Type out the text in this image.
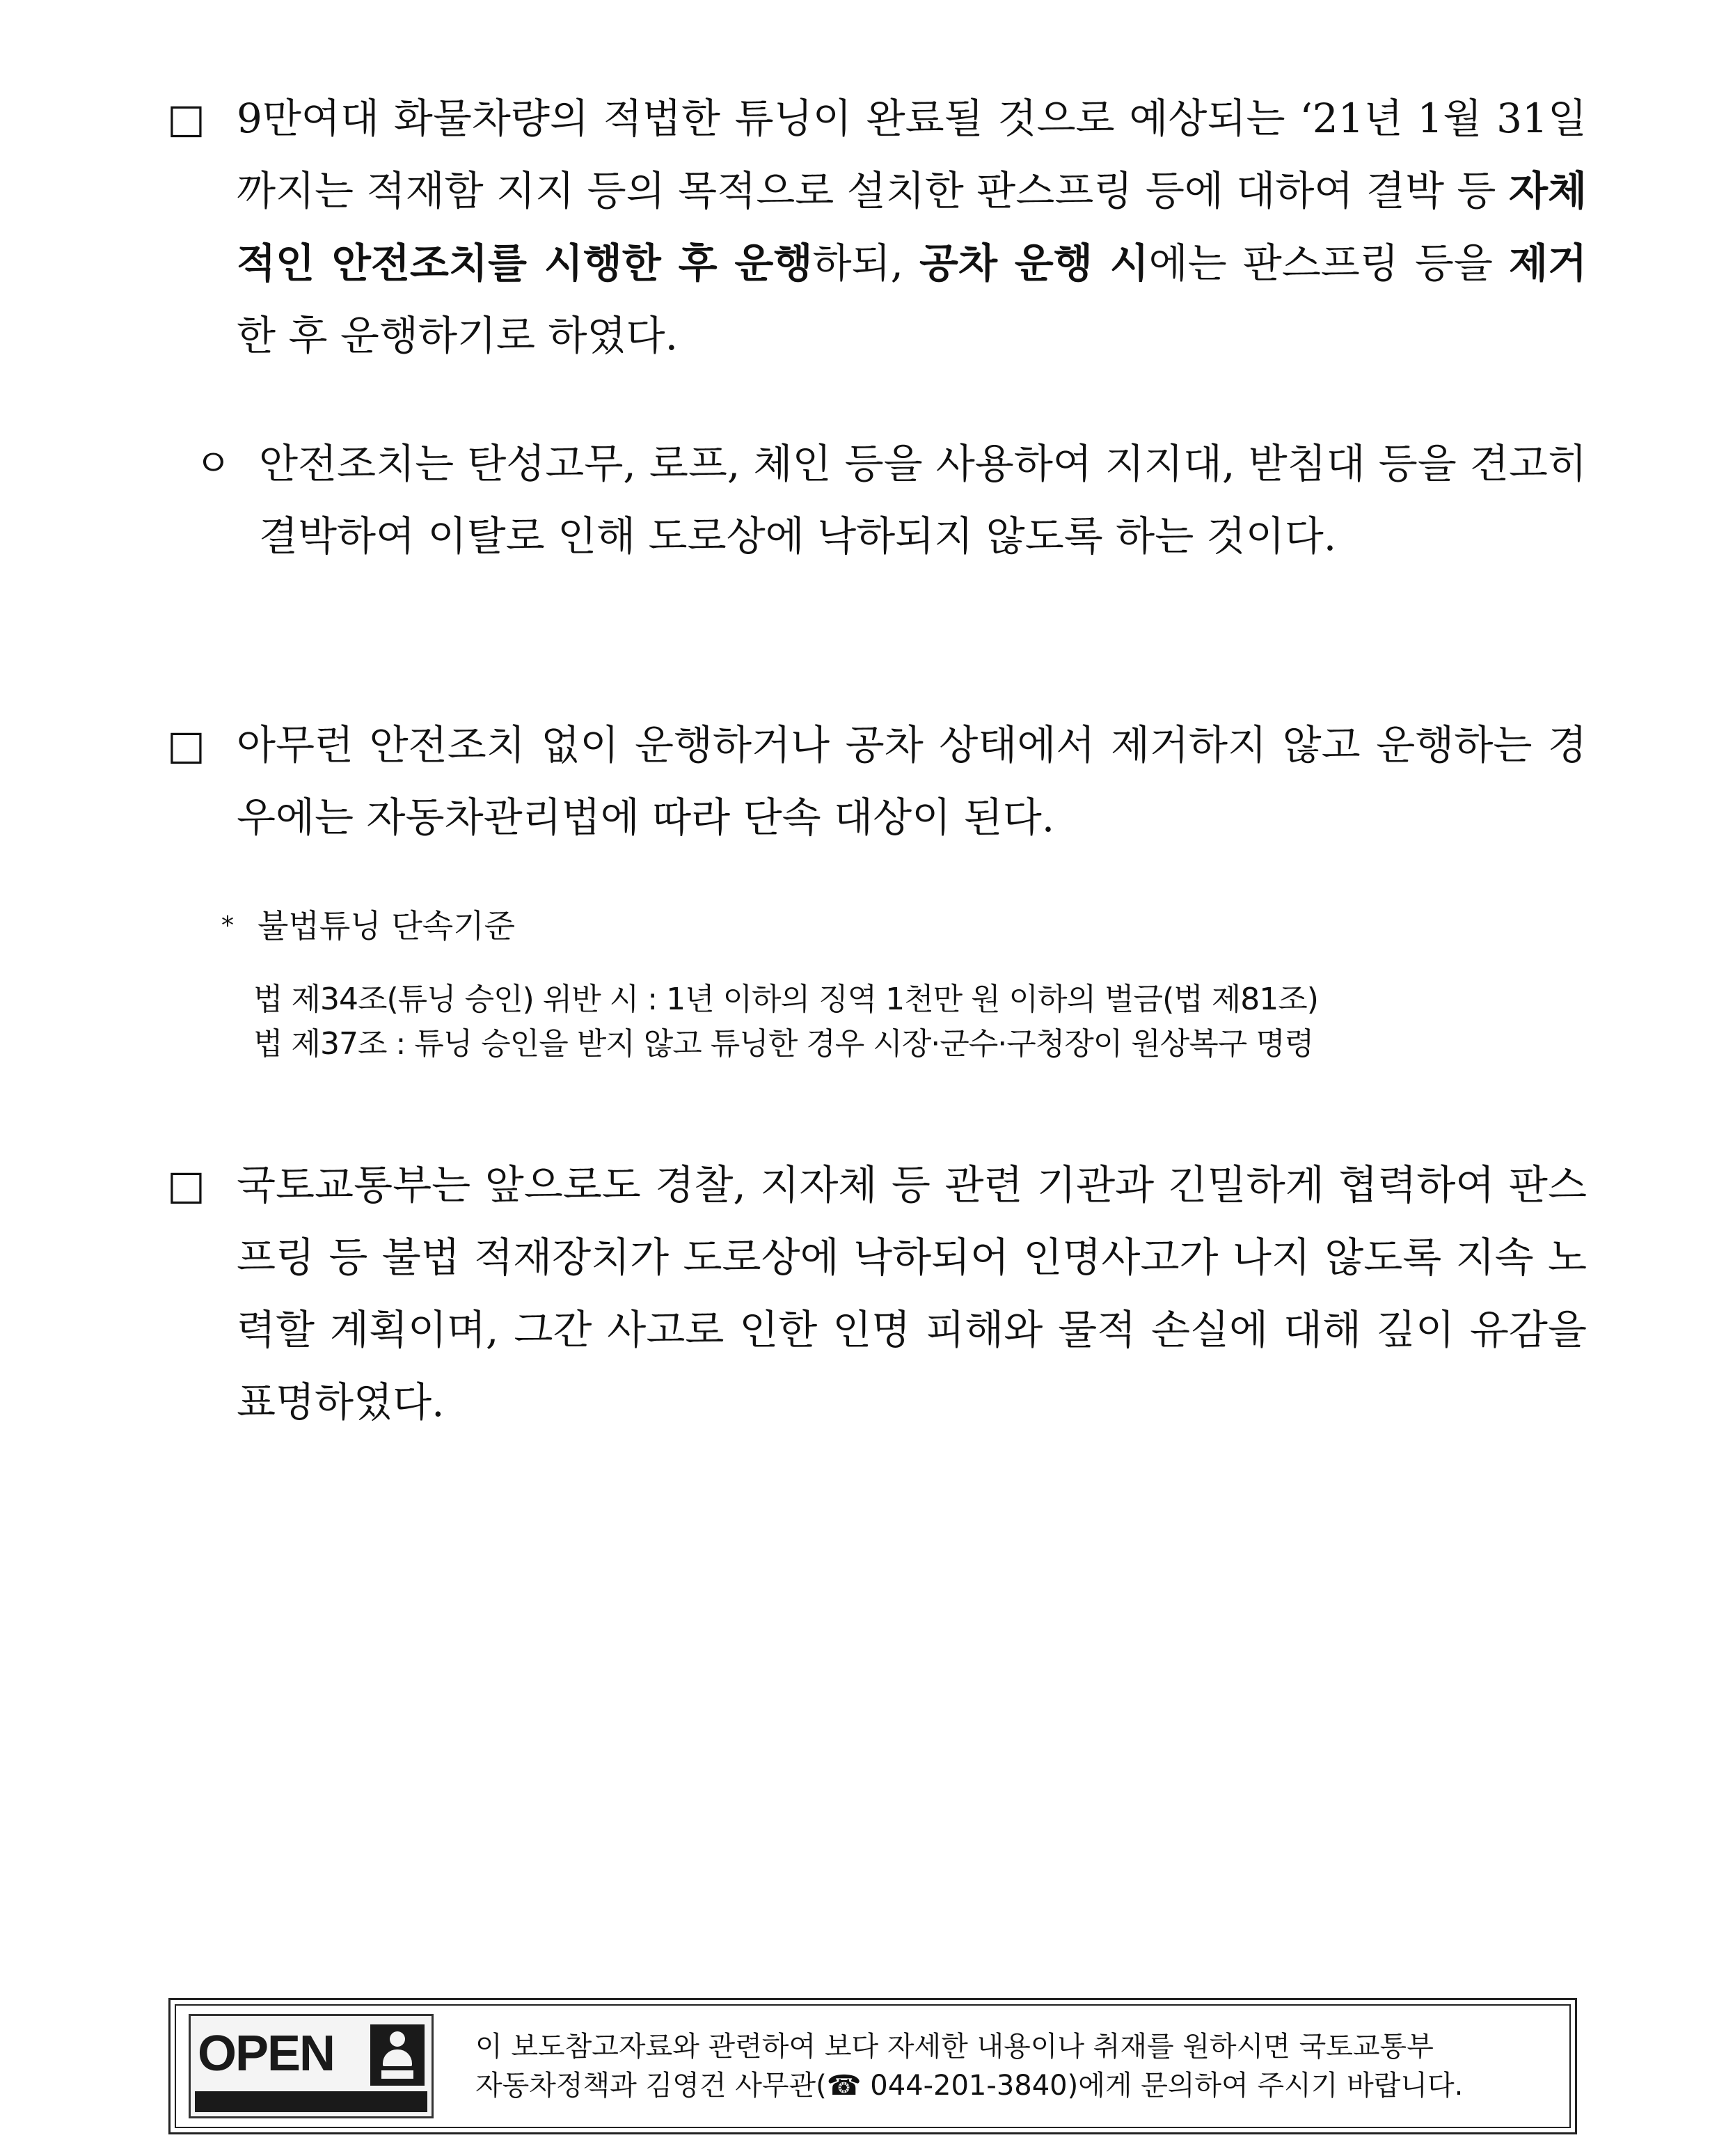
□ 9만여대 화물차량의 적법한 튜닝이 완료될 것으로 예상되는 ‘21년 1월 31일까지는 적재함 지지 등의 목적으로 설치한 판스프링 등에 대하여 결박 등 자체적인 안전조치를 시행한 후 운행하되, 공차 운행 시에는 판스프링 등을 제거한 후 운행하기로 하였다.
ㅇ 안전조치는 탄성고무, 로프, 체인 등을 사용하여 지지대, 받침대 등을 견고히 결박하여 이탈로 인해 도로상에 낙하되지 않도록 하는 것이다.
□ 아무런 안전조치 없이 운행하거나 공차 상태에서 제거하지 않고 운행하는 경우에는 자동차관리법에 따라 단속 대상이 된다.
* 불법튜닝 단속기준
법 제34조(튜닝 승인) 위반 시 : 1년 이하의 징역 1천만 원 이하의 벌금(법 제81조)
법 제37조 : 튜닝 승인을 받지 않고 튜닝한 경우 시장·군수·구청장이 원상복구 명령
□ 국토교통부는 앞으로도 경찰, 지자체 등 관련 기관과 긴밀하게 협력하여 판스프링 등 불법 적재장치가 도로상에 낙하되어 인명사고가 나지 않도록 지속 노력할 계획이며, 그간 사고로 인한 인명 피해와 물적 손실에 대해 깊이 유감을 표명하였다.
OPEN	이 보도참고자료와 관련하여 보다 자세한 내용이나 취재를 원하시면 국토교통부
자동차정책과 김영건 사무관(☎ 044-201-3840)에게 문의하여 주시기 바랍니다.
